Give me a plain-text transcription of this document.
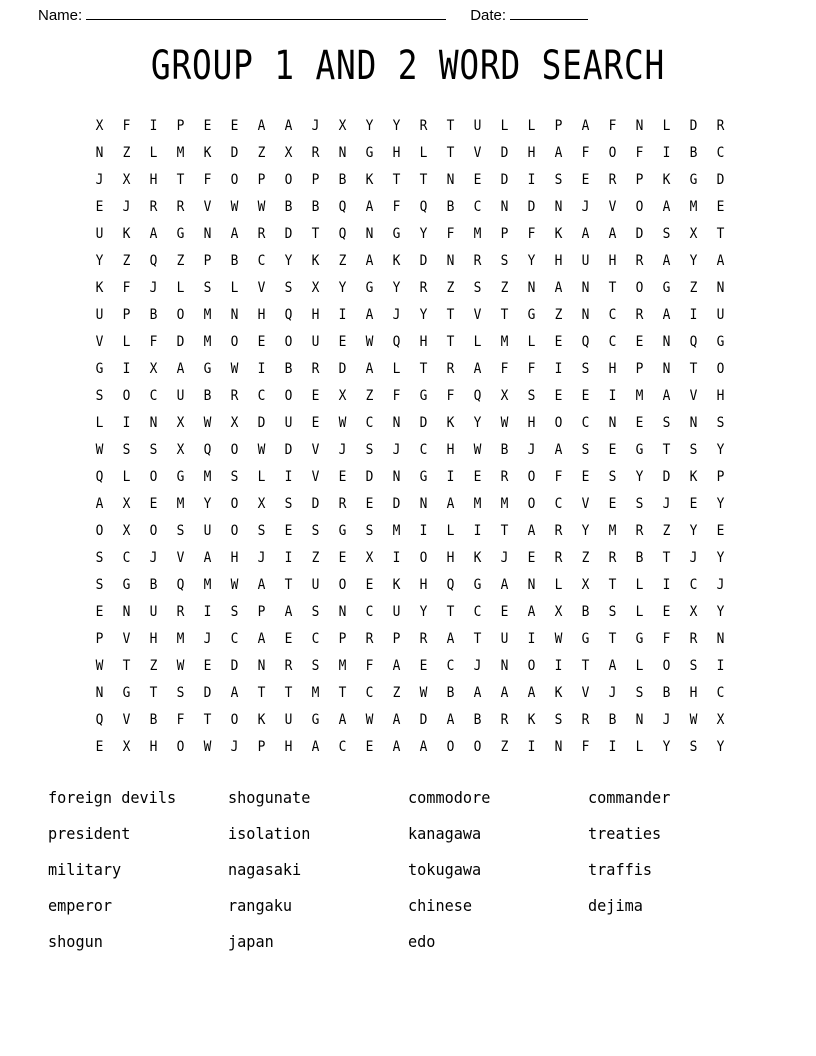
Name:	Date:
GROUP 1 AND 2 WORD SEARCH
X	F	I	P	E	E	A	A	J	X	Y	Y	R	T	U	L	L	P	A	F	N	L	D	R
N	Z	L	M	K	D	Z	X	R	N	G	H	L	T	V	D	H	A	F	O	F	I	B	C
J	X	H	T	F	O	P	O	P	B	K	T	T	N	E	D	I	S	E	R	P	K	G	D
E	J	R	R	V	W	W	B	B	Q	A	F	Q	B	C	N	D	N	J	V	O	A	M	E
U	K	A	G	N	A	R	D	T	Q	N	G	Y	F	M	P	F	K	A	A	D	S	X	T
Y	Z	Q	Z	P	B	C	Y	K	Z	A	K	D	N	R	S	Y	H	U	H	R	A	Y	A
K	F	J	L	S	L	V	S	X	Y	G	Y	R	Z	S	Z	N	A	N	T	O	G	Z	N
U	P	B	O	M	N	H	Q	H	I	A	J	Y	T	V	T	G	Z	N	C	R	A	I	U
V	L	F	D	M	O	E	O	U	E	W	Q	H	T	L	M	L	E	Q	C	E	N	Q	G
G	I	X	A	G	W	I	B	R	D	A	L	T	R	A	F	F	I	S	H	P	N	T	O
S	O	C	U	B	R	C	O	E	X	Z	F	G	F	Q	X	S	E	E	I	M	A	V	H
L	I	N	X	W	X	D	U	E	W	C	N	D	K	Y	W	H	O	C	N	E	S	N	S
W	S	S	X	Q	O	W	D	V	J	S	J	C	H	W	B	J	A	S	E	G	T	S	Y
Q	L	O	G	M	S	L	I	V	E	D	N	G	I	E	R	O	F	E	S	Y	D	K	P
A	X	E	M	Y	O	X	S	D	R	E	D	N	A	M	M	O	C	V	E	S	J	E	Y
O	X	O	S	U	O	S	E	S	G	S	M	I	L	I	T	A	R	Y	M	R	Z	Y	E
S	C	J	V	A	H	J	I	Z	E	X	I	O	H	K	J	E	R	Z	R	B	T	J	Y
S	G	B	Q	M	W	A	T	U	O	E	K	H	Q	G	A	N	L	X	T	L	I	C	J
E	N	U	R	I	S	P	A	S	N	C	U	Y	T	C	E	A	X	B	S	L	E	X	Y
P	V	H	M	J	C	A	E	C	P	R	P	R	A	T	U	I	W	G	T	G	F	R	N
W	T	Z	W	E	D	N	R	S	M	F	A	E	C	J	N	O	I	T	A	L	O	S	I
N	G	T	S	D	A	T	T	M	T	C	Z	W	B	A	A	A	K	V	J	S	B	H	C
Q	V	B	F	T	O	K	U	G	A	W	A	D	A	B	R	K	S	R	B	N	J	W	X
E	X	H	O	W	J	P	H	A	C	E	A	A	O	O	Z	I	N	F	I	L	Y	S	Y
foreign devils	shogunate	commodore	commander
president	isolation	kanagawa	treaties
military	nagasaki	tokugawa	traffis
emperor	rangaku	chinese	dejima
shogun	japan	edo
